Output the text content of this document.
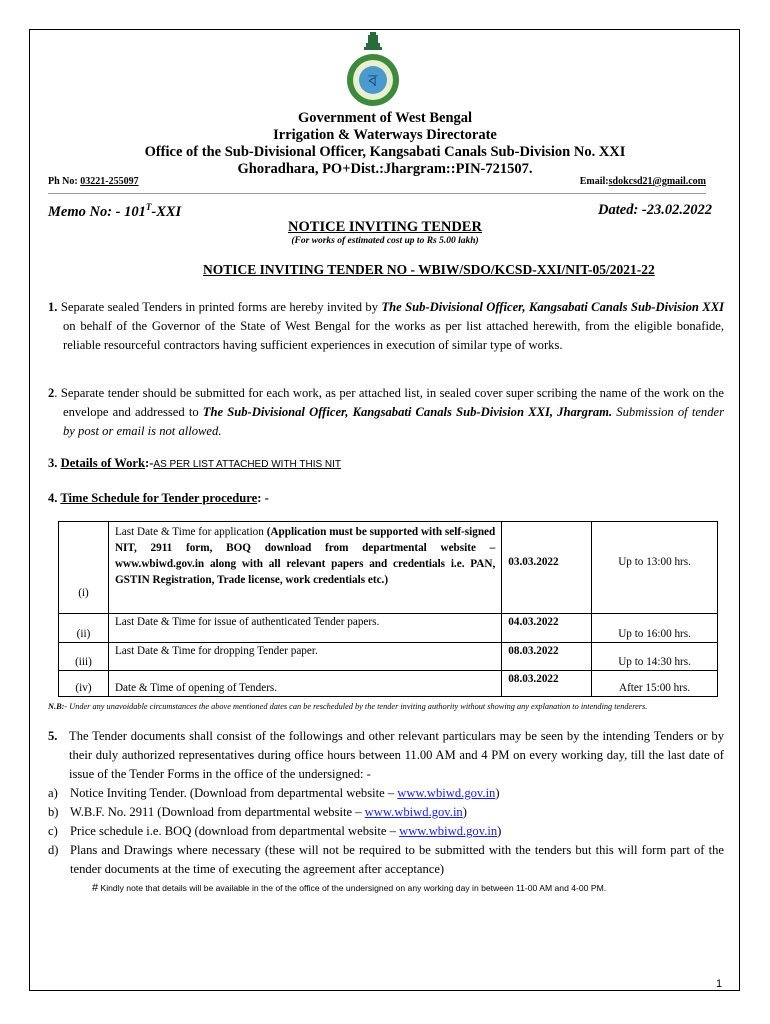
ব
Government of West Bengal
Irrigation & Waterways Directorate
Office of the Sub-Divisional Officer, Kangsabati Canals Sub-Division No. XXI
Ghoradhara, PO+Dist.:Jhargram::PIN-721507.
Ph No: 03221-255097	Email:sdokcsd21@gmail.com
Memo No: - $101^T$-XXI	Dated: -23.02.2022
NOTICE INVITING TENDER
(For works of estimated cost up to Rs 5.00 lakh)
NOTICE INVITING TENDER NO - WBIW/SDO/KCSD-XXI/NIT-05/2021-22
1. Separate sealed Tenders in printed forms are hereby invited by The Sub-Divisional Officer, Kangsabati Canals Sub-Division XXI on behalf of the Governor of the State of West Bengal for the works as per list attached herewith, from the eligible bonafide, reliable resourceful contractors having sufficient experiences in execution of similar type of works.
2. Separate tender should be submitted for each work, as per attached list, in sealed cover super scribing the name of the work on the envelope and addressed to The Sub-Divisional Officer, Kangsabati Canals Sub-Division XXI, Jhargram. Submission of tender by post or email is not allowed.
3. Details of Work:-AS PER LIST ATTACHED WITH THIS NIT
4. Time Schedule for Tender procedure: -
(i)	Last Date & Time for application (Application must be supported with self-signed NIT, 2911 form, BOQ download from departmental website – www.wbiwd.gov.in along with all relevant papers and credentials i.e. PAN, GSTIN Registration, Trade license, work credentials etc.)	03.03.2022	Up to 13:00 hrs.
(ii)	Last Date & Time for issue of authenticated Tender papers.	04.03.2022	Up to 16:00 hrs.
(iii)	Last Date & Time for dropping Tender paper.	08.03.2022	Up to 14:30 hrs.
(iv)	Date & Time of opening of Tenders.	08.03.2022	After 15:00 hrs.
N.B:- Under any unavoidable circumstances the above mentioned dates can be rescheduled by the tender inviting authority without showing any explanation to intending tenderers.
5. The Tender documents shall consist of the followings and other relevant particulars may be seen by the intending Tenders or by their duly authorized representatives during office hours between 11.00 AM and 4 PM on every working day, till the last date of issue of the Tender Forms in the office of the undersigned: -
a) Notice Inviting Tender. (Download from departmental website – www.wbiwd.gov.in)
b) W.B.F. No. 2911 (Download from departmental website – www.wbiwd.gov.in)
c) Price schedule i.e. BOQ (download from departmental website – www.wbiwd.gov.in)
d) Plans and Drawings where necessary (these will not be required to be submitted with the tenders but this will form part of the tender documents at the time of executing the agreement after acceptance)
# Kindly note that details will be available in the of the office of the undersigned on any working day in between 11-00 AM and 4-00 PM.
1
